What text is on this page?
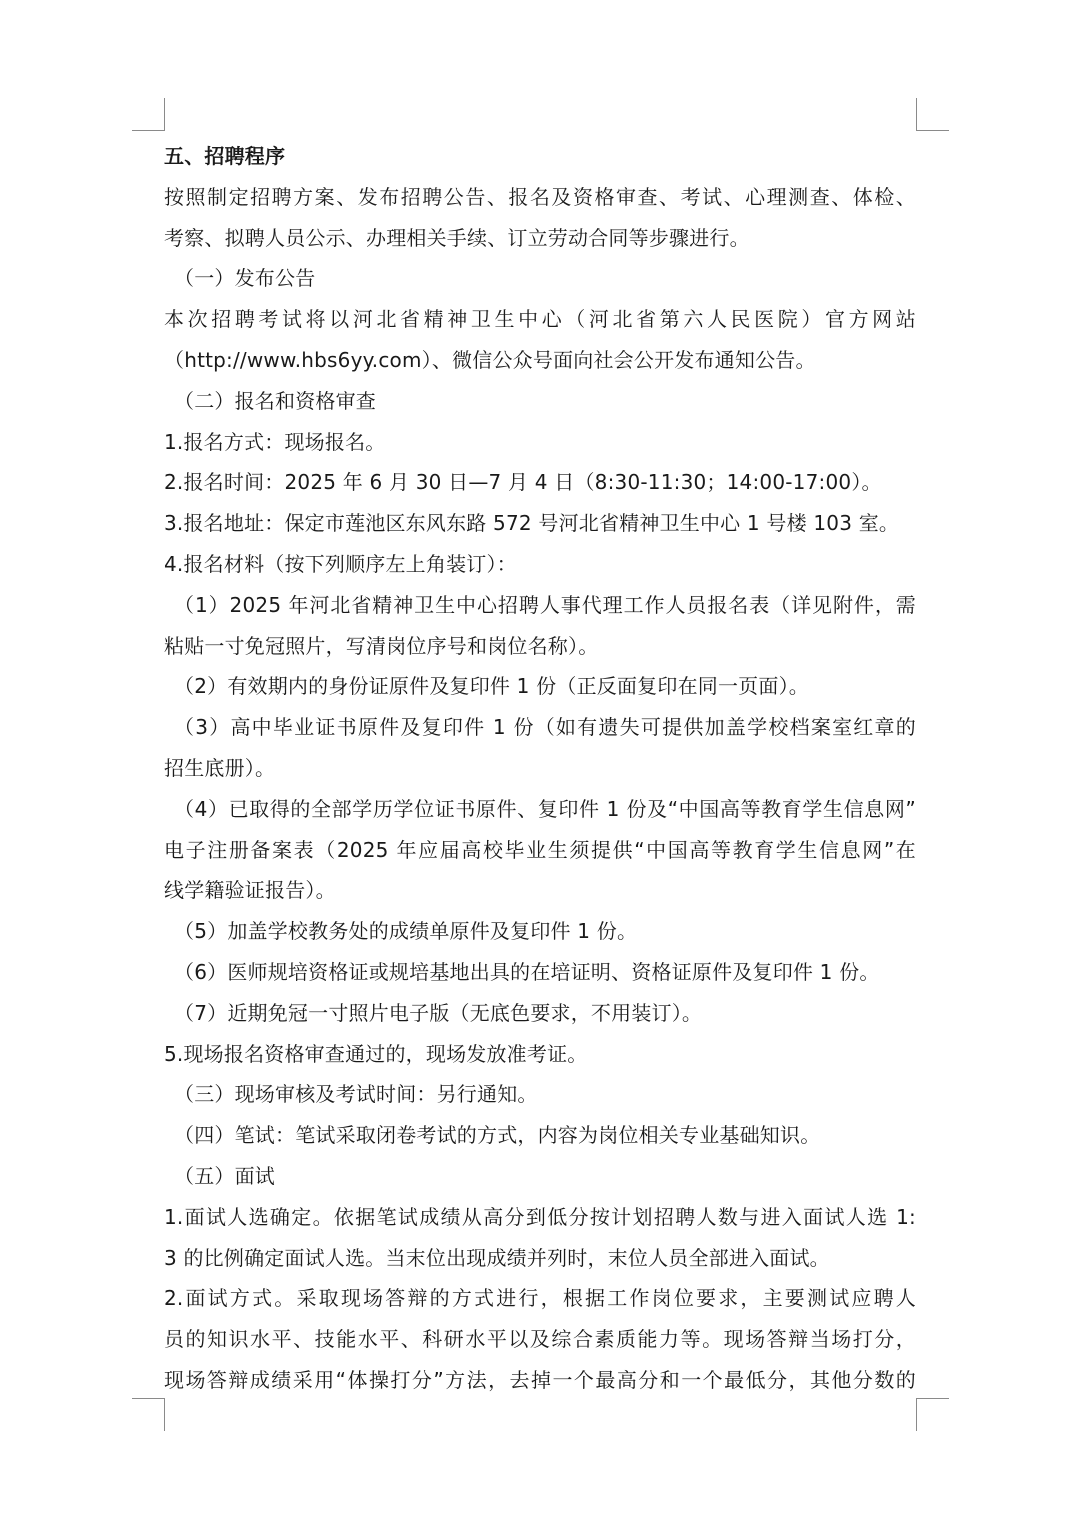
五、招聘程序
按照制定招聘方案、发布招聘公告、报名及资格审查、考试、心理测查、体检、
考察、拟聘人员公示、办理相关手续、订立劳动合同等步骤进行。
（一）发布公告
本次招聘考试将以河北省精神卫生中心（河北省第六人民医院）官方网站
（http://www.hbs6yy.com）、微信公众号面向社会公开发布通知公告。
（二）报名和资格审查
1.报名方式：现场报名。
2.报名时间：2025 年 6 月 30 日—7 月 4 日（8:30-11:30；14:00-17:00）。
3.报名地址：保定市莲池区东风东路 572 号河北省精神卫生中心 1 号楼 103 室。
4.报名材料（按下列顺序左上角装订）：
（1）2025 年河北省精神卫生中心招聘人事代理工作人员报名表（详见附件，需
粘贴一寸免冠照片，写清岗位序号和岗位名称）。
（2）有效期内的身份证原件及复印件 1 份（正反面复印在同一页面）。
（3）高中毕业证书原件及复印件 1 份（如有遗失可提供加盖学校档案室红章的
招生底册）。
（4）已取得的全部学历学位证书原件、复印件 1 份及“中国高等教育学生信息网”
电子注册备案表（2025 年应届高校毕业生须提供“中国高等教育学生信息网”在
线学籍验证报告）。
（5）加盖学校教务处的成绩单原件及复印件 1 份。
（6）医师规培资格证或规培基地出具的在培证明、资格证原件及复印件 1 份。
（7）近期免冠一寸照片电子版（无底色要求，不用装订）。
5.现场报名资格审查通过的，现场发放准考证。
（三）现场审核及考试时间：另行通知。
（四）笔试：笔试采取闭卷考试的方式，内容为岗位相关专业基础知识。
（五）面试
1.面试人选确定。依据笔试成绩从高分到低分按计划招聘人数与进入面试人选 1:
3 的比例确定面试人选。当末位出现成绩并列时，末位人员全部进入面试。
2.面试方式。采取现场答辩的方式进行，根据工作岗位要求，主要测试应聘人
员的知识水平、技能水平、科研水平以及综合素质能力等。现场答辩当场打分，
现场答辩成绩采用“体操打分”方法，去掉一个最高分和一个最低分，其他分数的
